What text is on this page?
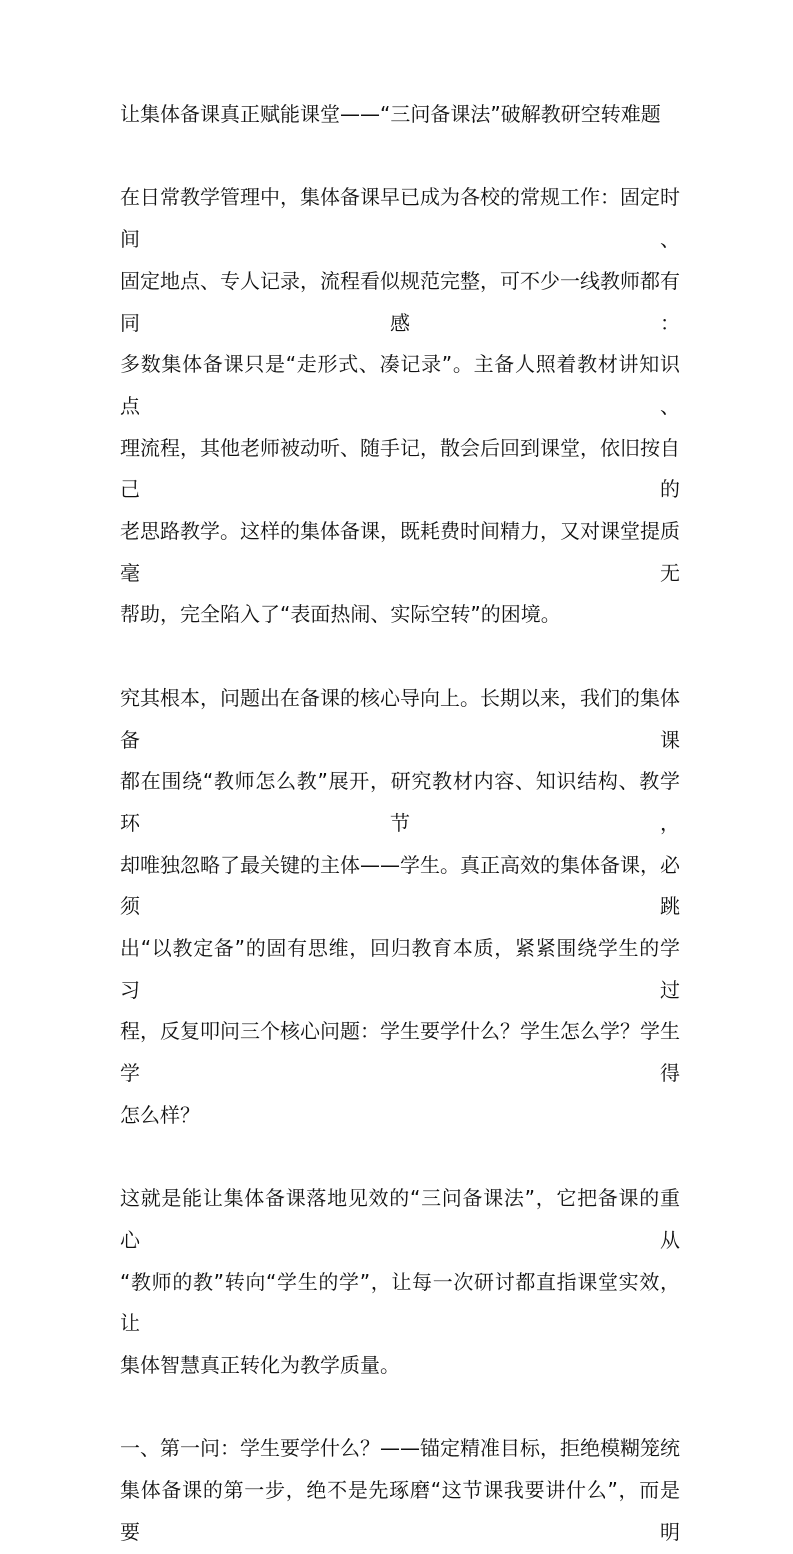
让集体备课真正赋能课堂——“三问备课法”破解教研空转难题
在日常教学管理中，集体备课早已成为各校的常规工作：固定时间、
固定地点、专人记录，流程看似规范完整，可不少一线教师都有同感：
多数集体备课只是“走形式、凑记录”。主备人照着教材讲知识点、
理流程，其他老师被动听、随手记，散会后回到课堂，依旧按自己的
老思路教学。这样的集体备课，既耗费时间精力，又对课堂提质毫无
帮助，完全陷入了“表面热闹、实际空转”的困境。
究其根本，问题出在备课的核心导向上。长期以来，我们的集体备课
都在围绕“教师怎么教”展开，研究教材内容、知识结构、教学环节，
却唯独忽略了最关键的主体——学生。真正高效的集体备课，必须跳
出“以教定备”的固有思维，回归教育本质，紧紧围绕学生的学习过
程，反复叩问三个核心问题：学生要学什么？学生怎么学？学生学得
怎么样？
这就是能让集体备课落地见效的“三问备课法”，它把备课的重心从
“教师的教”转向“学生的学”，让每一次研讨都直指课堂实效，让
集体智慧真正转化为教学质量。
一、第一问：学生要学什么？——锚定精准目标，拒绝模糊笼统
集体备课的第一步，绝不是先琢磨“这节课我要讲什么”，而是要明
